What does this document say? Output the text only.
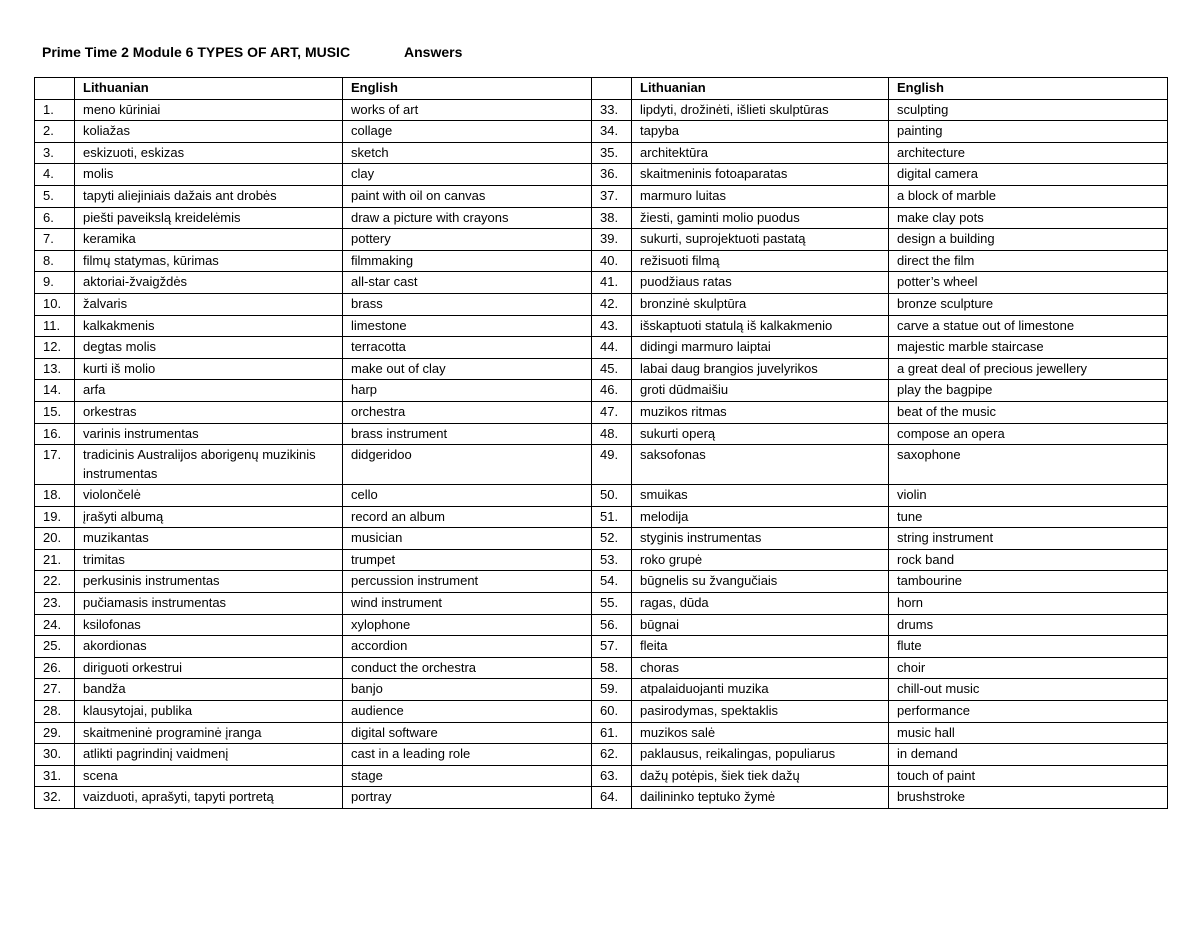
Prime Time 2 Module 6 TYPES OF ART, MUSIC	Answers
	Lithuanian	English		Lithuanian	English
1.	meno kūriniai	works of art	33.	lipdyti, drožinėti, išlieti skulptūras	sculpting
2.	koliažas	collage	34.	tapyba	painting
3.	eskizuoti, eskizas	sketch	35.	architektūra	architecture
4.	molis	clay	36.	skaitmeninis fotoaparatas	digital camera
5.	tapyti aliejiniais dažais ant drobės	paint with oil on canvas	37.	marmuro luitas	a block of marble
6.	piešti paveikslą kreidelėmis	draw a picture with crayons	38.	žiesti, gaminti molio puodus	make clay pots
7.	keramika	pottery	39.	sukurti, suprojektuoti pastatą	design a building
8.	filmų statymas, kūrimas	filmmaking	40.	režisuoti filmą	direct the film
9.	aktoriai-žvaigždės	all-star cast	41.	puodžiaus ratas	potter’s wheel
10.	žalvaris	brass	42.	bronzinė skulptūra	bronze sculpture
11.	kalkakmenis	limestone	43.	išskaptuoti statulą iš kalkakmenio	carve a statue out of limestone
12.	degtas molis	terracotta	44.	didingi marmuro laiptai	majestic marble staircase
13.	kurti iš molio	make out of clay	45.	labai daug brangios juvelyrikos	a great deal of precious jewellery
14.	arfa	harp	46.	groti dūdmaišiu	play the bagpipe
15.	orkestras	orchestra	47.	muzikos ritmas	beat of the music
16.	varinis instrumentas	brass instrument	48.	sukurti operą	compose an opera
17.	tradicinis Australijos aborigenų muzikinis instrumentas	didgeridoo	49.	saksofonas	saxophone
18.	violončelė	cello	50.	smuikas	violin
19.	įrašyti albumą	record an album	51.	melodija	tune
20.	muzikantas	musician	52.	styginis instrumentas	string instrument
21.	trimitas	trumpet	53.	roko grupė	rock band
22.	perkusinis instrumentas	percussion instrument	54.	būgnelis su žvangučiais	tambourine
23.	pučiamasis instrumentas	wind instrument	55.	ragas, dūda	horn
24.	ksilofonas	xylophone	56.	būgnai	drums
25.	akordionas	accordion	57.	fleita	flute
26.	diriguoti orkestrui	conduct the orchestra	58.	choras	choir
27.	bandža	banjo	59.	atpalaiduojanti muzika	chill-out music
28.	klausytojai, publika	audience	60.	pasirodymas, spektaklis	performance
29.	skaitmeninė programinė įranga	digital software	61.	muzikos salė	music hall
30.	atlikti pagrindinį vaidmenį	cast in a leading role	62.	paklausus, reikalingas, populiarus	in demand
31.	scena	stage	63.	dažų potėpis, šiek tiek dažų	touch of paint
32.	vaizduoti, aprašyti, tapyti portretą	portray	64.	dailininko teptuko žymė	brushstroke
